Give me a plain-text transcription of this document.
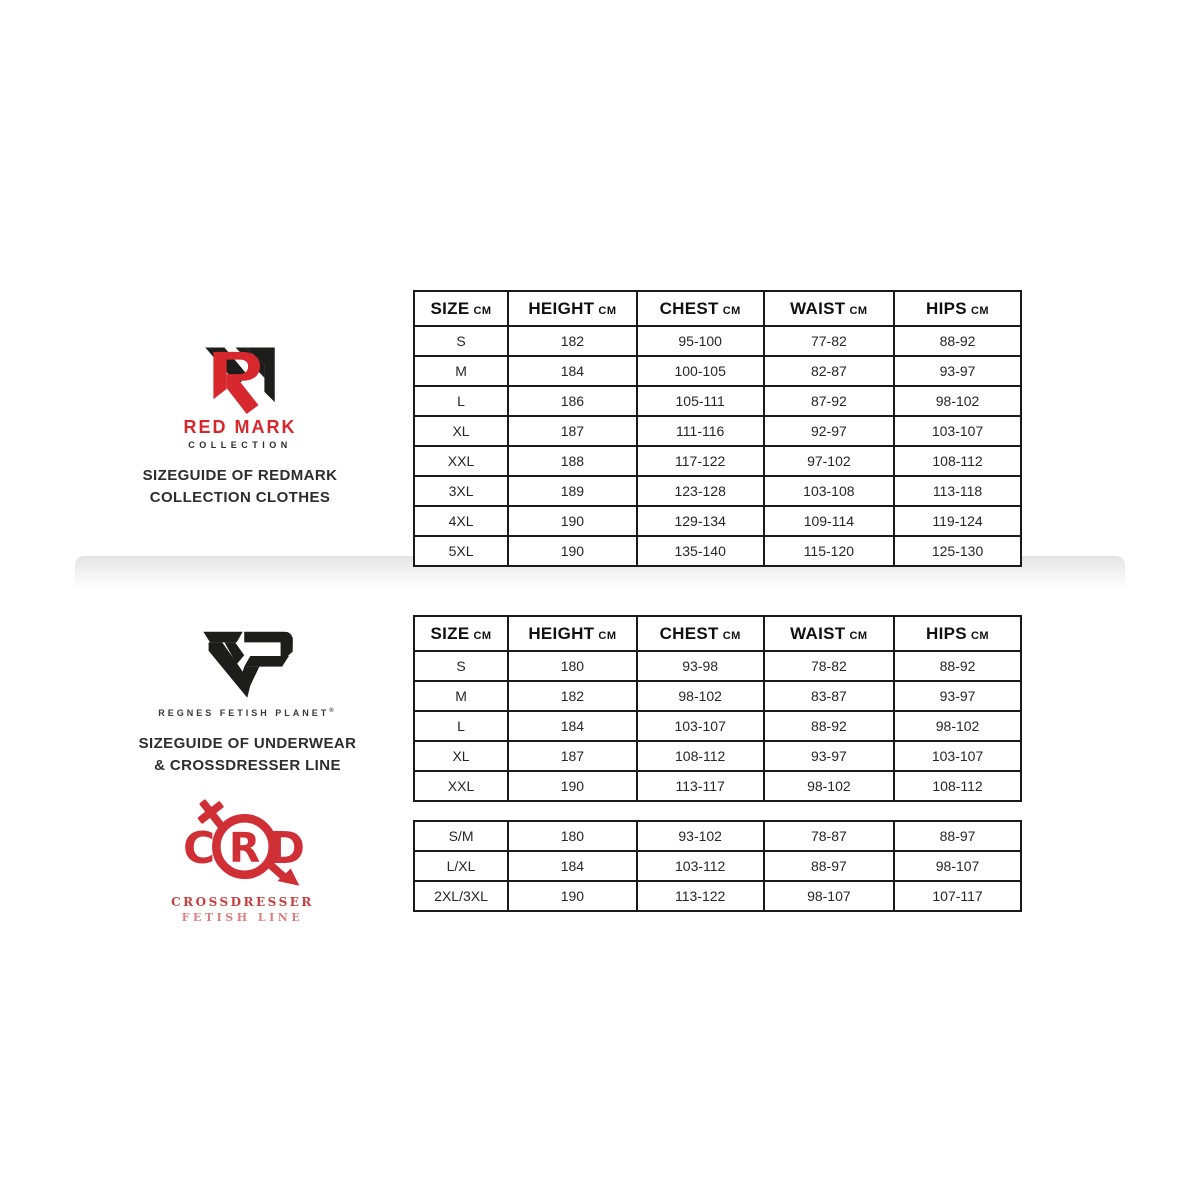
RED MARK
COLLECTION
SIZEGUIDE OF REDMARK
COLLECTION CLOTHES
REGNES FETISH PLANET®
SIZEGUIDE OF UNDERWEAR
& CROSSDRESSER LINE
C R D
CROSSDRESSER
FETISH LINE
SIZE CM	HEIGHT CM	CHEST CM	WAIST CM	HIPS CM
S	182	95-100	77-82	88-92
M	184	100-105	82-87	93-97
L	186	105-111	87-92	98-102
XL	187	111-116	92-97	103-107
XXL	188	117-122	97-102	108-112
3XL	189	123-128	103-108	113-118
4XL	190	129-134	109-114	119-124
5XL	190	135-140	115-120	125-130
SIZE CM	HEIGHT CM	CHEST CM	WAIST CM	HIPS CM
S	180	93-98	78-82	88-92
M	182	98-102	83-87	93-97
L	184	103-107	88-92	98-102
XL	187	108-112	93-97	103-107
XXL	190	113-117	98-102	108-112
S/M	180	93-102	78-87	88-97
L/XL	184	103-112	88-97	98-107
2XL/3XL	190	113-122	98-107	107-117
